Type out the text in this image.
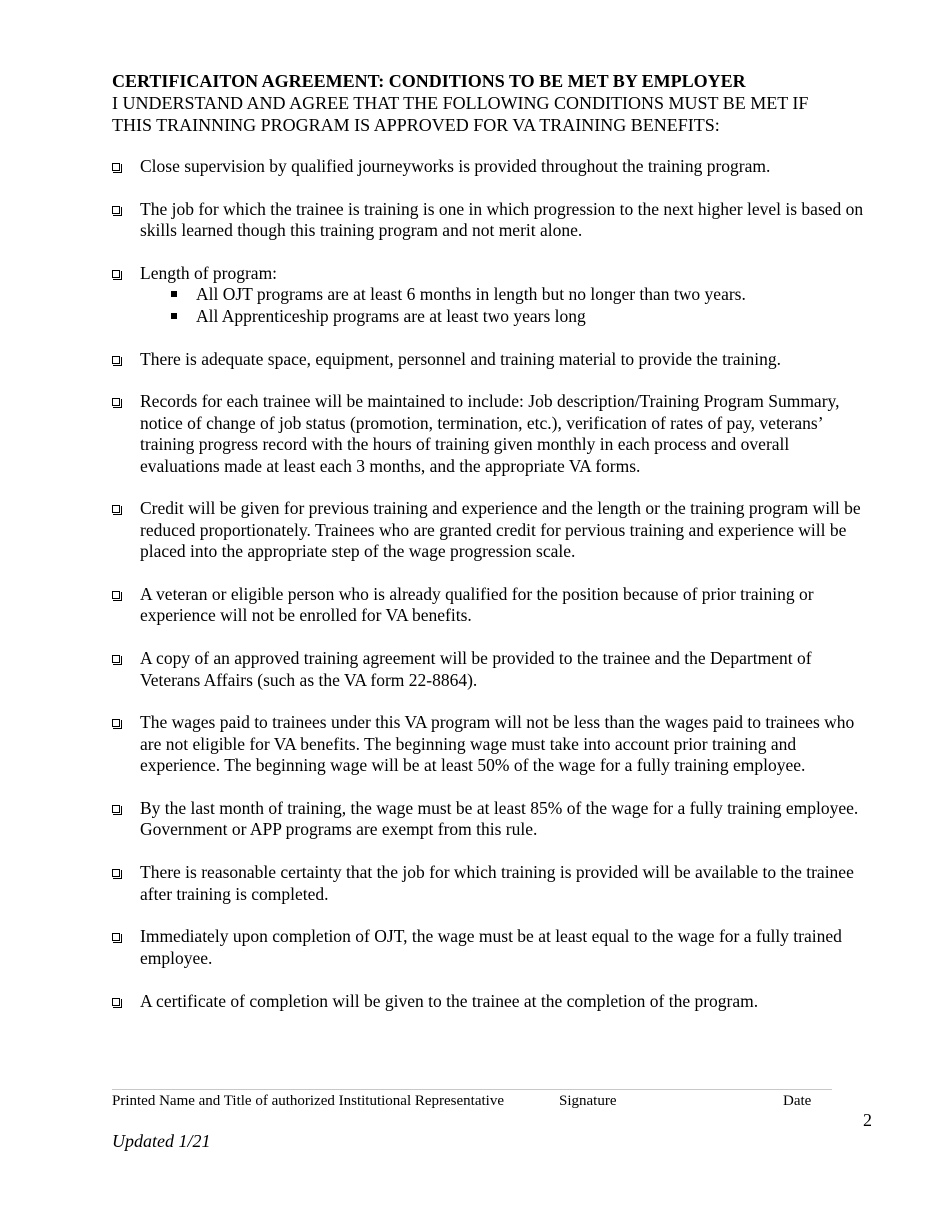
CERTIFICAITON AGREEMENT: CONDITIONS TO BE MET BY EMPLOYER
I UNDERSTAND AND AGREE THAT THE FOLLOWING CONDITIONS MUST BE MET IF
THIS TRAINNING PROGRAM IS APPROVED FOR VA TRAINING BENEFITS:
Close supervision by qualified journeyworks is provided throughout the training program.
The job for which the trainee is training is one in which progression to the next higher level is based on skills learned though this training program and not merit alone.
Length of program:
All OJT programs are at least 6 months in length but no longer than two years.
All Apprenticeship programs are at least two years long
There is adequate space, equipment, personnel and training material to provide the training.
Records for each trainee will be maintained to include: Job description/Training Program Summary, notice of change of job status (promotion, termination, etc.), verification of rates of pay, veterans’ training progress record with the hours of training given monthly in each process and overall evaluations made at least each 3 months, and the appropriate VA forms.
Credit will be given for previous training and experience and the length or the training program will be reduced proportionately. Trainees who are granted credit for pervious training and experience will be placed into the appropriate step of the wage progression scale.
A veteran or eligible person who is already qualified for the position because of prior training or experience will not be enrolled for VA benefits.
A copy of an approved training agreement will be provided to the trainee and the Department of Veterans Affairs (such as the VA form 22-8864).
The wages paid to trainees under this VA program will not be less than the wages paid to trainees who are not eligible for VA benefits. The beginning wage must take into account prior training and experience. The beginning wage will be at least 50% of the wage for a fully training employee.
By the last month of training, the wage must be at least 85% of the wage for a fully training employee. Government or APP programs are exempt from this rule.
There is reasonable certainty that the job for which training is provided will be available to the trainee after training is completed.
Immediately upon completion of OJT, the wage must be at least equal to the wage for a fully trained employee.
A certificate of completion will be given to the trainee at the completion of the program.
Printed Name and Title of authorized Institutional Representative	Signature	Date
2
Updated 1/21
